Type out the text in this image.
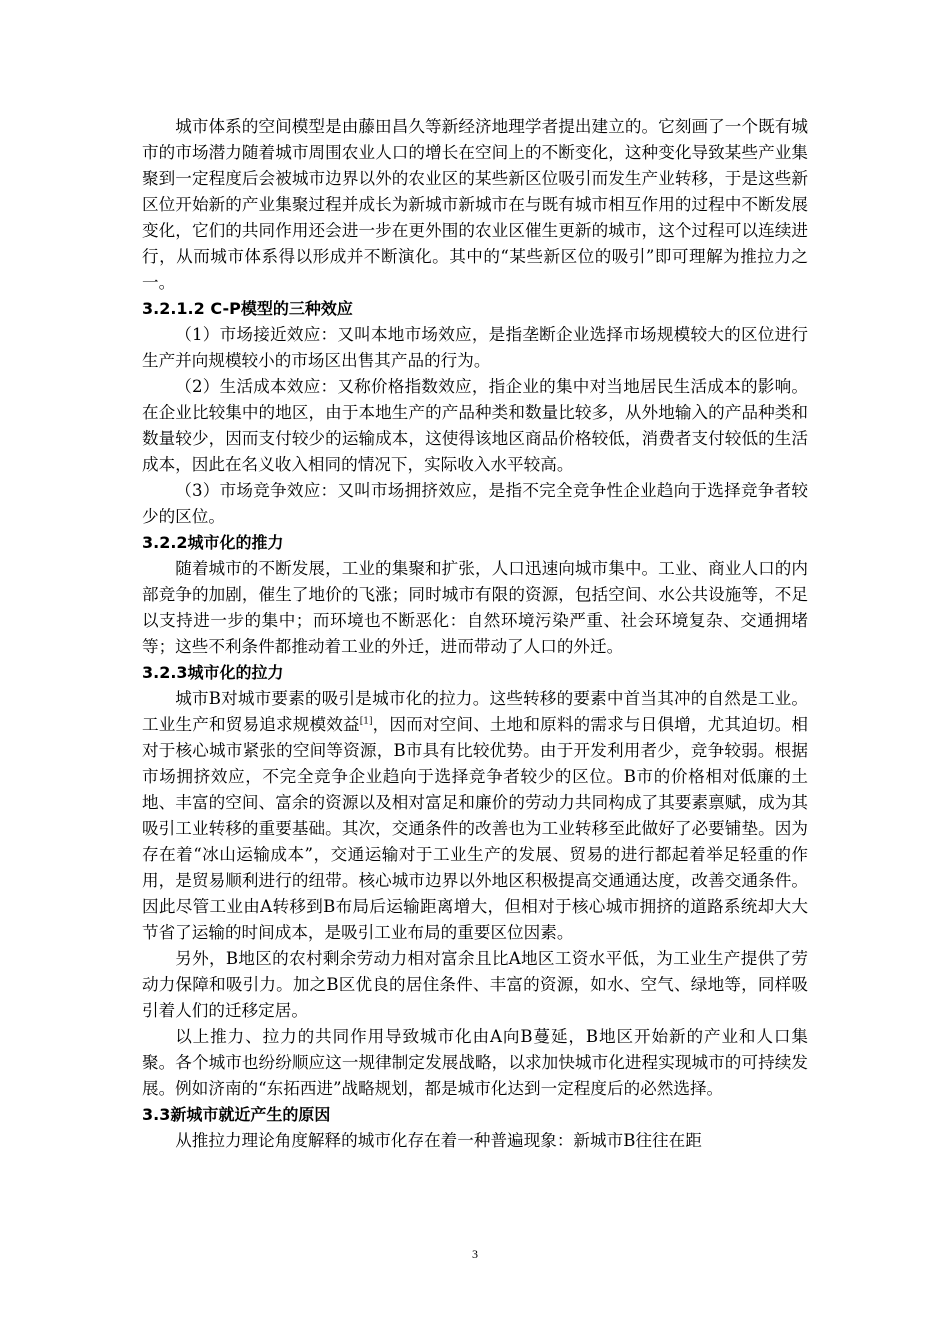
城市体系的空间模型是由藤田昌久等新经济地理学者提出建立的。它刻画了一个既有城市的市场潜力随着城市周围农业人口的增长在空间上的不断变化，这种变化导致某些产业集聚到一定程度后会被城市边界以外的农业区的某些新区位吸引而发生产业转移，于是这些新区位开始新的产业集聚过程并成长为新城市新城市在与既有城市相互作用的过程中不断发展变化，它们的共同作用还会进一步在更外围的农业区催生更新的城市，这个过程可以连续进行，从而城市体系得以形成并不断演化。其中的“某些新区位的吸引”即可理解为推拉力之一。

3.2.1.2 C-P模型的三种效应

（1）市场接近效应：又叫本地市场效应，是指垄断企业选择市场规模较大的区位进行生产并向规模较小的市场区出售其产品的行为。

（2）生活成本效应：又称价格指数效应，指企业的集中对当地居民生活成本的影响。在企业比较集中的地区，由于本地生产的产品种类和数量比较多，从外地输入的产品种类和数量较少，因而支付较少的运输成本，这使得该地区商品价格较低，消费者支付较低的生活成本，因此在名义收入相同的情况下，实际收入水平较高。

（3）市场竞争效应：又叫市场拥挤效应，是指不完全竞争性企业趋向于选择竞争者较少的区位。

3.2.2城市化的推力

随着城市的不断发展，工业的集聚和扩张，人口迅速向城市集中。工业、商业人口的内部竞争的加剧，催生了地价的飞涨；同时城市有限的资源，包括空间、水公共设施等，不足以支持进一步的集中；而环境也不断恶化：自然环境污染严重、社会环境复杂、交通拥堵等；这些不利条件都推动着工业的外迁，进而带动了人口的外迁。

3.2.3城市化的拉力

城市B对城市要素的吸引是城市化的拉力。这些转移的要素中首当其冲的自然是工业。工业生产和贸易追求规模效益[1]，因而对空间、土地和原料的需求与日俱增，尤其迫切。相对于核心城市紧张的空间等资源，B市具有比较优势。由于开发利用者少，竞争较弱。根据市场拥挤效应，不完全竞争企业趋向于选择竞争者较少的区位。B市的价格相对低廉的土地、丰富的空间、富余的资源以及相对富足和廉价的劳动力共同构成了其要素禀赋，成为其吸引工业转移的重要基础。其次，交通条件的改善也为工业转移至此做好了必要铺垫。因为存在着“冰山运输成本”，交通运输对于工业生产的发展、贸易的进行都起着举足轻重的作用，是贸易顺利进行的纽带。核心城市边界以外地区积极提高交通通达度，改善交通条件。因此尽管工业由A转移到B布局后运输距离增大，但相对于核心城市拥挤的道路系统却大大节省了运输的时间成本，是吸引工业布局的重要区位因素。

另外，B地区的农村剩余劳动力相对富余且比A地区工资水平低，为工业生产提供了劳动力保障和吸引力。加之B区优良的居住条件、丰富的资源，如水、空气、绿地等，同样吸引着人们的迁移定居。

以上推力、拉力的共同作用导致城市化由A向B蔓延，B地区开始新的产业和人口集聚。各个城市也纷纷顺应这一规律制定发展战略，以求加快城市化进程实现城市的可持续发展。例如济南的“东拓西进”战略规划，都是城市化达到一定程度后的必然选择。

3.3新城市就近产生的原因

从推拉力理论角度解释的城市化存在着一种普遍现象：新城市B往往在距

3
